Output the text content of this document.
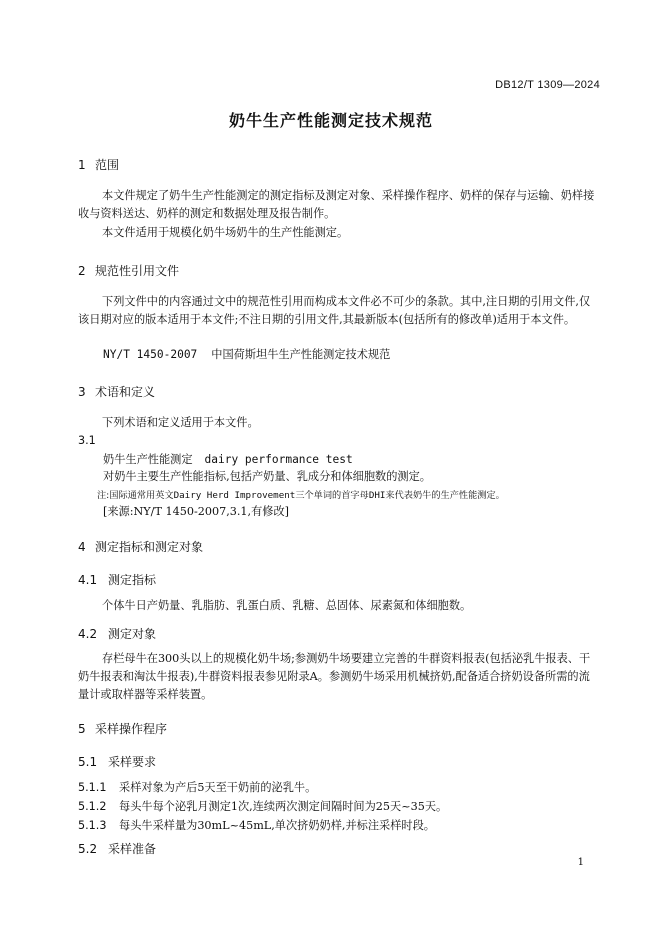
DB12/T 1309—2024
奶牛生产性能测定技术规范
1 范围
本文件规定了奶牛生产性能测定的测定指标及测定对象、采样操作程序、奶样的保存与运输、奶样接收与资料送达、奶样的测定和数据处理及报告制作。
本文件适用于规模化奶牛场奶牛的生产性能测定。
2 规范性引用文件
下列文件中的内容通过文中的规范性引用而构成本文件必不可少的条款。其中,注日期的引用文件,仅该日期对应的版本适用于本文件;不注日期的引用文件,其最新版本(包括所有的修改单)适用于本文件。
NY/T 1450-2007 中国荷斯坦牛生产性能测定技术规范
3 术语和定义
下列术语和定义适用于本文件。
3.1
奶牛生产性能测定 dairy performance test
对奶牛主要生产性能指标,包括产奶量、乳成分和体细胞数的测定。
注:国际通常用英文Dairy Herd Improvement三个单词的首字母DHI来代表奶牛的生产性能测定。
[来源:NY/T 1450-2007,3.1,有修改]
4 测定指标和测定对象
4.1 测定指标
个体牛日产奶量、乳脂肪、乳蛋白质、乳糖、总固体、尿素氮和体细胞数。
4.2 测定对象
存栏母牛在300头以上的规模化奶牛场;参测奶牛场要建立完善的牛群资料报表(包括泌乳牛报表、干奶牛报表和淘汰牛报表),牛群资料报表参见附录A。参测奶牛场采用机械挤奶,配备适合挤奶设备所需的流量计或取样器等采样装置。
5 采样操作程序
5.1 采样要求
5.1.1 采样对象为产后5天至干奶前的泌乳牛。
5.1.2 每头牛每个泌乳月测定1次,连续两次测定间隔时间为25天~35天。
5.1.3 每头牛采样量为30mL~45mL,单次挤奶奶样,并标注采样时段。
5.2 采样准备
1
